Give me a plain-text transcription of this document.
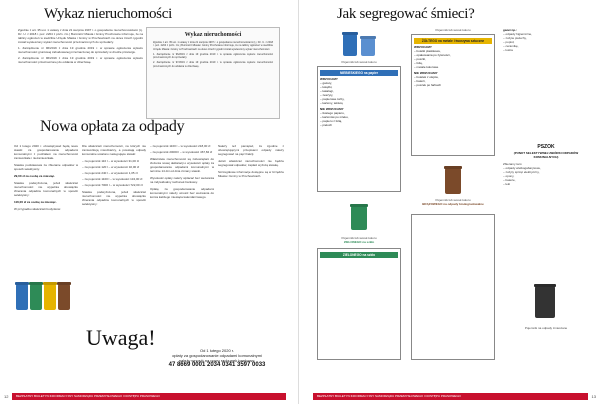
Wykaz nieruchomości

Zgodnie z art. 35 ust. 1 ustawy z dnia 21 sierpnia 1997 r. o gospodarce nieruchomościami (t.j. Dz. U. z 2018 r. poz. 2204 z późn. zm.) Burmistrz Miasta i Gminy Prochowice informuje, że na tablicy ogłoszeń w siedzibie Urzędu Miasta i Gminy w Prochowicach na okres trzech tygodni został wywieszony wykaz nieruchomości przeznaczonych do sprzedaży.

1. Zarządzenie nr 96/2019 z dnia 19 grudnia 2019 r. w sprawie ogłoszenia wykazu nieruchomości gruntowej zabudowanej przeznaczonej do sprzedaży w drodze przetargu.

2. Zarządzenie nr 96/2019 z dnia 19 grudnia 2019 r. w sprawie ogłoszenia wykazu nieruchomości przeznaczonej do oddania w dzierżawę.

Wykaz nieruchomości

Zgodnie z art. 35 ust. 1 ustawy z dnia 21 sierpnia 1997 r. o gospodarce nieruchomościami (t.j. Dz. U. z 2018 r. poz. 2204 z późn. zm.) Burmistrz Miasta i Gminy Prochowice informuje, że na tablicy ogłoszeń w siedzibie Urzędu Miasta i Gminy w Prochowicach na okres trzech tygodni został wywieszony wykaz nieruchomości.

1. Zarządzenie nr 96/2019 z dnia 19 grudnia 2019 r. w sprawie ogłoszenia wykazu nieruchomości przeznaczonych do sprzedaży.

2. Zarządzenie nr 97/2019 z dnia 19 grudnia 2019 r. w sprawie ogłoszenia wykazu nieruchomości przeznaczonych do oddania w dzierżawę.

Nowa opłata za odpady

Od 1 lutego 2020 r. obowiązywać będą nowe stawki za gospodarowanie odpadami komunalnymi z podziałem na nieruchomości zamieszkałe i niezamieszkałe.

Stawka podstawowa za zbieranie odpadów w sposób selektywny:

29,00 zł za osobę za miesiąc.

Stawka podwyższona, jeżeli właściciel nieruchomości nie wypełnia obowiązku zbierania odpadów komunalnych w sposób selektywny:

116,00 zł za osobę za miesiąc.

W przypadku właścicieli budynków:

Dla właścicieli nieruchomości, na których nie zamieszkują mieszkańcy, a powstają odpady komunalne ustalono następujące stawki:

– za pojemnik 110 l – w wysokości 31,00 zł

– za pojemnik 120 l – w wysokości 32,00 zł

– za pojemnik 240 l – w wysokości 1,05 zł

– za pojemnik 1100 l – w wysokości 134,00 zł

– za pojemnik 7000 l – w wysokości 722,00 zł

Stawka podwyższona, jeżeli właściciel nieruchomości nie wypełnia obowiązku zbierania odpadów komunalnych w sposób selektywny:

– za pojemnik 1100 l – w wysokości 218,00 zł

– za pojemnik 20000 l – w wysokości 467,84 zł

Właściciele nieruchomości są zobowiązani do złożenia nowej deklaracji o wysokości opłaty za gospodarowanie odpadami komunalnymi w terminie 14 dni od dnia zmiany stawki.

Wysokość opłaty należy wpłacać bez wezwania na indywidualny rachunek bankowy.

Opłatę za gospodarowanie odpadami komunalnymi należy wnosić bez wezwania do końca każdego miesiąca kalendarzowego.

Należy też pamiętać, że zgodnie z obowiązującymi przepisami odpady należy segregować na pięć frakcji.

Jeżeli właściciel nieruchomości nie będzie segregował odpadów, zapłaci wyższą stawkę.

Szczegółowe informacje dostępne są w Urzędzie Miasta i Gminy w Prochowicach.

Uwaga!
Od 1 lutego 2020 r.
opłaty za gospodarowanie odpadami komunalnymi
należy wnosić na nowy rachunek bankowy:
47 8669 0001 2034 0341 3597 0033
BEZPŁATNY BIULETYN INFORMACYJNY SAMORZĄDU PRZEMYSŁOWEGO I DOSTĘPU PRASOWEGO
12
Jak segregować śmieci?
Pojemnik lub worek koloru
NIEBIESKIEGO na papier
WRZUCAMY
– gazety,
– książki,
– katalogi,
– zeszyty,
– papierowe torby,
– kartony, tekturę
NIE WRZUCAMY
– tłustego papieru,
– kartonów po mleku,
– papieru z folią,
– pieluch
Pojemnik lub worek koloru
ZIELONEGO na szkło
ZIELONEGO na szkło
Pojemnik lub worek koloru
ŻÓŁTEGO na metale i tworzywa sztuczne
WRZUCAMY
– butelki plastikowe,
– opakowania po żywności,
– puszki,
– folię,
– metale kolorowe
NIE WRZUCAMY
– butelek z olejów,
– baterii,
– puszek po farbach
Pojemnik lub worek koloru
BRĄZOWEGO na odpady biodegradowalne
gazet np.:
– odpady higieniczne,
– zużyte pieluchy,
– popiół,
– ceramikę,
– lustra
PSZOK
(PUNKT SELEKTYWNEJ ZBIÓRKI ODPADÓW KOMUNALNYCH)
Zbieramy tam:
– odpady wielkogabarytowe,
– zużyty sprzęt elektryczny,
– opony,
– baterie,
– leki
Pojemnik na odpady zmieszane
BEZPŁATNY BIULETYN INFORMACYJNY SAMORZĄDU PRZEMYSŁOWEGO I DOSTĘPU PRASOWEGO	13
